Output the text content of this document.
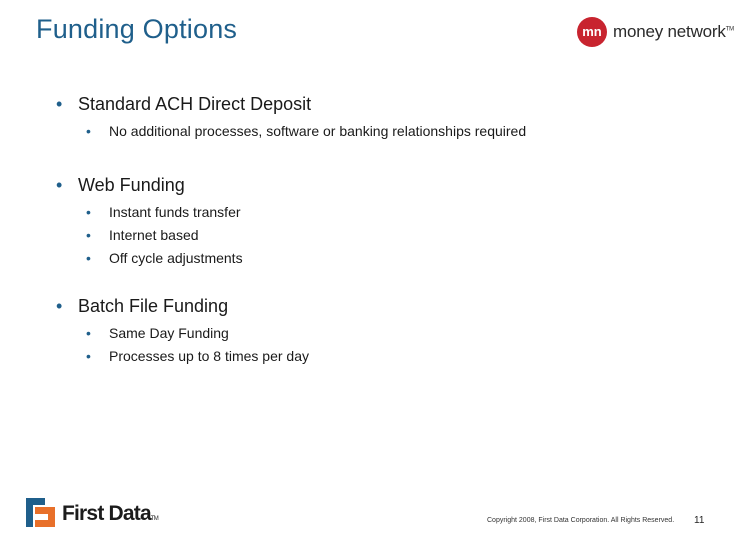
Funding Options	mn money network™

• Standard ACH Direct Deposit

• No additional processes, software or banking relationships required

• Web Funding

• Instant funds transfer
• Internet based
• Off cycle adjustments

• Batch File Funding

• Same Day Funding
• Processes up to 8 times per day
First DataTM	Copyright 2008, First Data Corporation. All Rights Reserved. 11
